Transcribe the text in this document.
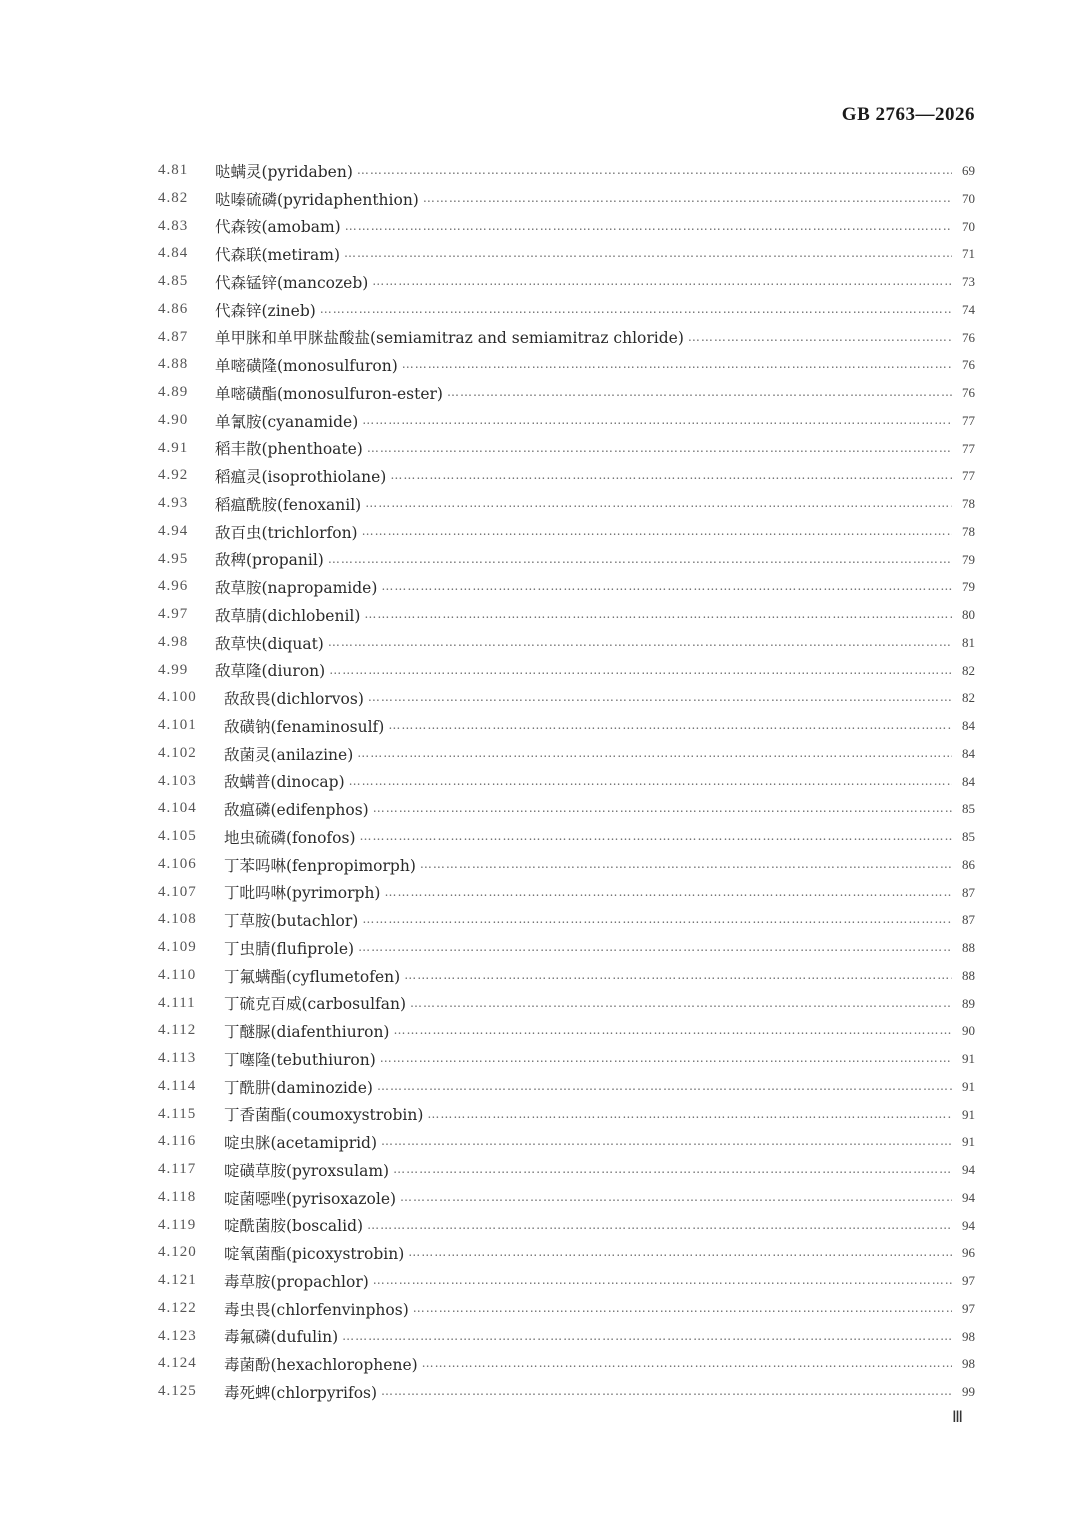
GB 2763—2026
4.81 哒螨灵(pyridaben) ………………………………………………………………………………………………………………………………………………………………………………………………………………………………………………………	69
4.82 哒嗪硫磷(pyridaphenthion) ………………………………………………………………………………………………………………………………………………………………………………………………………………………………………………………	70
4.83 代森铵(amobam) ………………………………………………………………………………………………………………………………………………………………………………………………………………………………………………………	70
4.84 代森联(metiram) ………………………………………………………………………………………………………………………………………………………………………………………………………………………………………………………	71
4.85 代森锰锌(mancozeb) ………………………………………………………………………………………………………………………………………………………………………………………………………………………………………………………	73
4.86 代森锌(zineb) ………………………………………………………………………………………………………………………………………………………………………………………………………………………………………………………	74
4.87 单甲脒和单甲脒盐酸盐(semiamitraz and semiamitraz chloride) ………………………………………………………………………………………………………………………………………………………………………………………………………………………………………………………	76
4.88 单嘧磺隆(monosulfuron) ………………………………………………………………………………………………………………………………………………………………………………………………………………………………………………………	76
4.89 单嘧磺酯(monosulfuron-ester) ………………………………………………………………………………………………………………………………………………………………………………………………………………………………………………………	76
4.90 单氰胺(cyanamide) ………………………………………………………………………………………………………………………………………………………………………………………………………………………………………………………	77
4.91 稻丰散(phenthoate) ………………………………………………………………………………………………………………………………………………………………………………………………………………………………………………………	77
4.92 稻瘟灵(isoprothiolane) ………………………………………………………………………………………………………………………………………………………………………………………………………………………………………………………	77
4.93 稻瘟酰胺(fenoxanil) ………………………………………………………………………………………………………………………………………………………………………………………………………………………………………………………	78
4.94 敌百虫(trichlorfon) ………………………………………………………………………………………………………………………………………………………………………………………………………………………………………………………	78
4.95 敌稗(propanil) ………………………………………………………………………………………………………………………………………………………………………………………………………………………………………………………	79
4.96 敌草胺(napropamide) ………………………………………………………………………………………………………………………………………………………………………………………………………………………………………………………	79
4.97 敌草腈(dichlobenil) ………………………………………………………………………………………………………………………………………………………………………………………………………………………………………………………	80
4.98 敌草快(diquat) ………………………………………………………………………………………………………………………………………………………………………………………………………………………………………………………	81
4.99 敌草隆(diuron) ………………………………………………………………………………………………………………………………………………………………………………………………………………………………………………………	82
4.100 敌敌畏(dichlorvos) ………………………………………………………………………………………………………………………………………………………………………………………………………………………………………………………	82
4.101 敌磺钠(fenaminosulf) ………………………………………………………………………………………………………………………………………………………………………………………………………………………………………………………	84
4.102 敌菌灵(anilazine) ………………………………………………………………………………………………………………………………………………………………………………………………………………………………………………………	84
4.103 敌螨普(dinocap) ………………………………………………………………………………………………………………………………………………………………………………………………………………………………………………………	84
4.104 敌瘟磷(edifenphos) ………………………………………………………………………………………………………………………………………………………………………………………………………………………………………………………	85
4.105 地虫硫磷(fonofos) ………………………………………………………………………………………………………………………………………………………………………………………………………………………………………………………	85
4.106 丁苯吗啉(fenpropimorph) ………………………………………………………………………………………………………………………………………………………………………………………………………………………………………………………	86
4.107 丁吡吗啉(pyrimorph) ………………………………………………………………………………………………………………………………………………………………………………………………………………………………………………………	87
4.108 丁草胺(butachlor) ………………………………………………………………………………………………………………………………………………………………………………………………………………………………………………………	87
4.109 丁虫腈(flufiprole) ………………………………………………………………………………………………………………………………………………………………………………………………………………………………………………………	88
4.110 丁氟螨酯(cyflumetofen) ………………………………………………………………………………………………………………………………………………………………………………………………………………………………………………………	88
4.111 丁硫克百威(carbosulfan) ………………………………………………………………………………………………………………………………………………………………………………………………………………………………………………………	89
4.112 丁醚脲(diafenthiuron) ………………………………………………………………………………………………………………………………………………………………………………………………………………………………………………………	90
4.113 丁噻隆(tebuthiuron) ………………………………………………………………………………………………………………………………………………………………………………………………………………………………………………………	91
4.114 丁酰肼(daminozide) ………………………………………………………………………………………………………………………………………………………………………………………………………………………………………………………	91
4.115 丁香菌酯(coumoxystrobin) ………………………………………………………………………………………………………………………………………………………………………………………………………………………………………………………	91
4.116 啶虫脒(acetamiprid) ………………………………………………………………………………………………………………………………………………………………………………………………………………………………………………………	91
4.117 啶磺草胺(pyroxsulam) ………………………………………………………………………………………………………………………………………………………………………………………………………………………………………………………	94
4.118 啶菌噁唑(pyrisoxazole) ………………………………………………………………………………………………………………………………………………………………………………………………………………………………………………………	94
4.119 啶酰菌胺(boscalid) ………………………………………………………………………………………………………………………………………………………………………………………………………………………………………………………	94
4.120 啶氧菌酯(picoxystrobin) ………………………………………………………………………………………………………………………………………………………………………………………………………………………………………………………	96
4.121 毒草胺(propachlor) ………………………………………………………………………………………………………………………………………………………………………………………………………………………………………………………	97
4.122 毒虫畏(chlorfenvinphos) ………………………………………………………………………………………………………………………………………………………………………………………………………………………………………………………	97
4.123 毒氟磷(dufulin) ………………………………………………………………………………………………………………………………………………………………………………………………………………………………………………………	98
4.124 毒菌酚(hexachlorophene) ………………………………………………………………………………………………………………………………………………………………………………………………………………………………………………………	98
4.125 毒死蜱(chlorpyrifos) ………………………………………………………………………………………………………………………………………………………………………………………………………………………………………………………	99
Ⅲ
